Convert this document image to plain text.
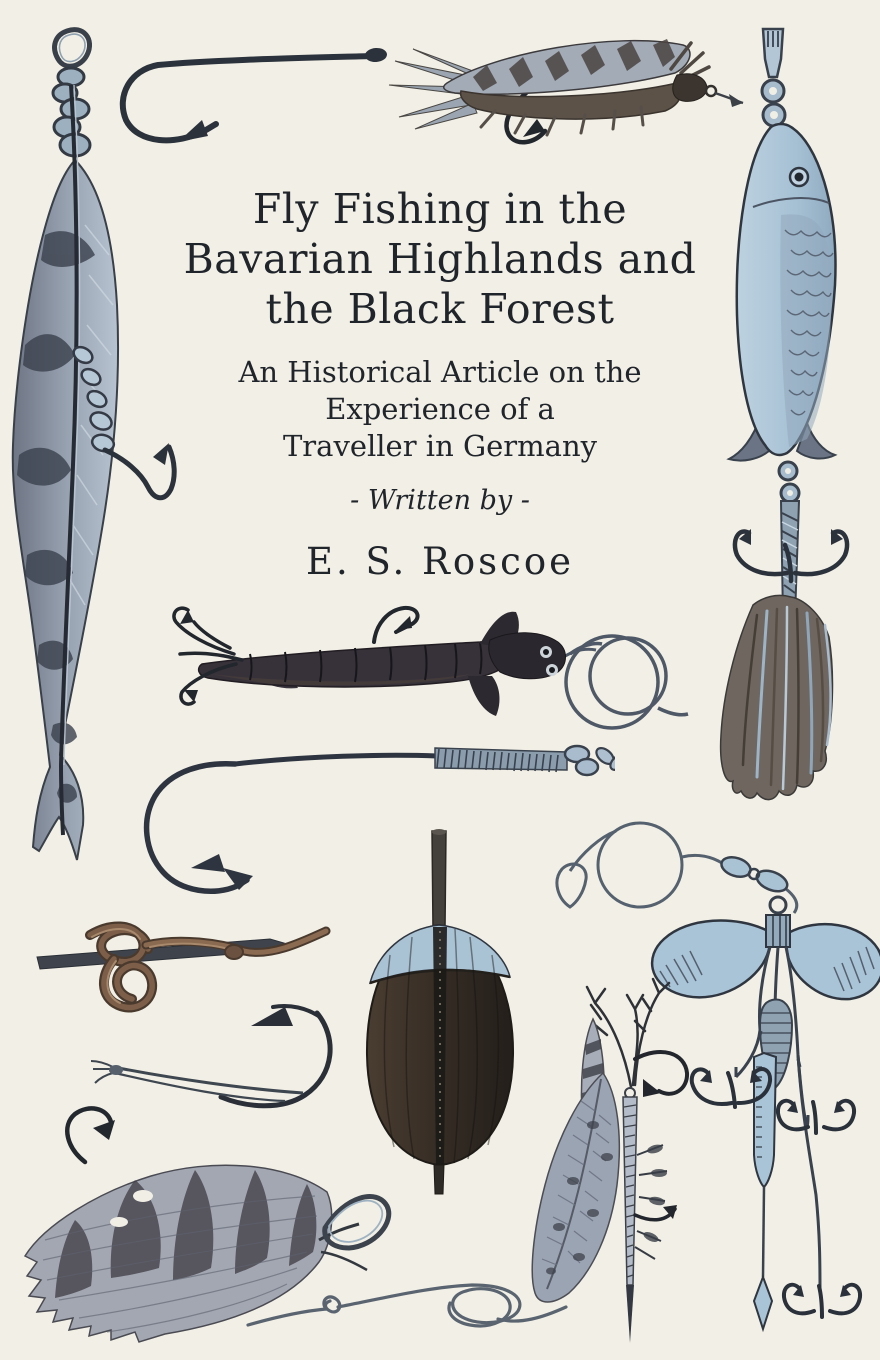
Fly Fishing in the
Bavarian Highlands and
the Black Forest
An Historical Article on the
Experience of a
Traveller in Germany
- Written by -
E. S. Roscoe
